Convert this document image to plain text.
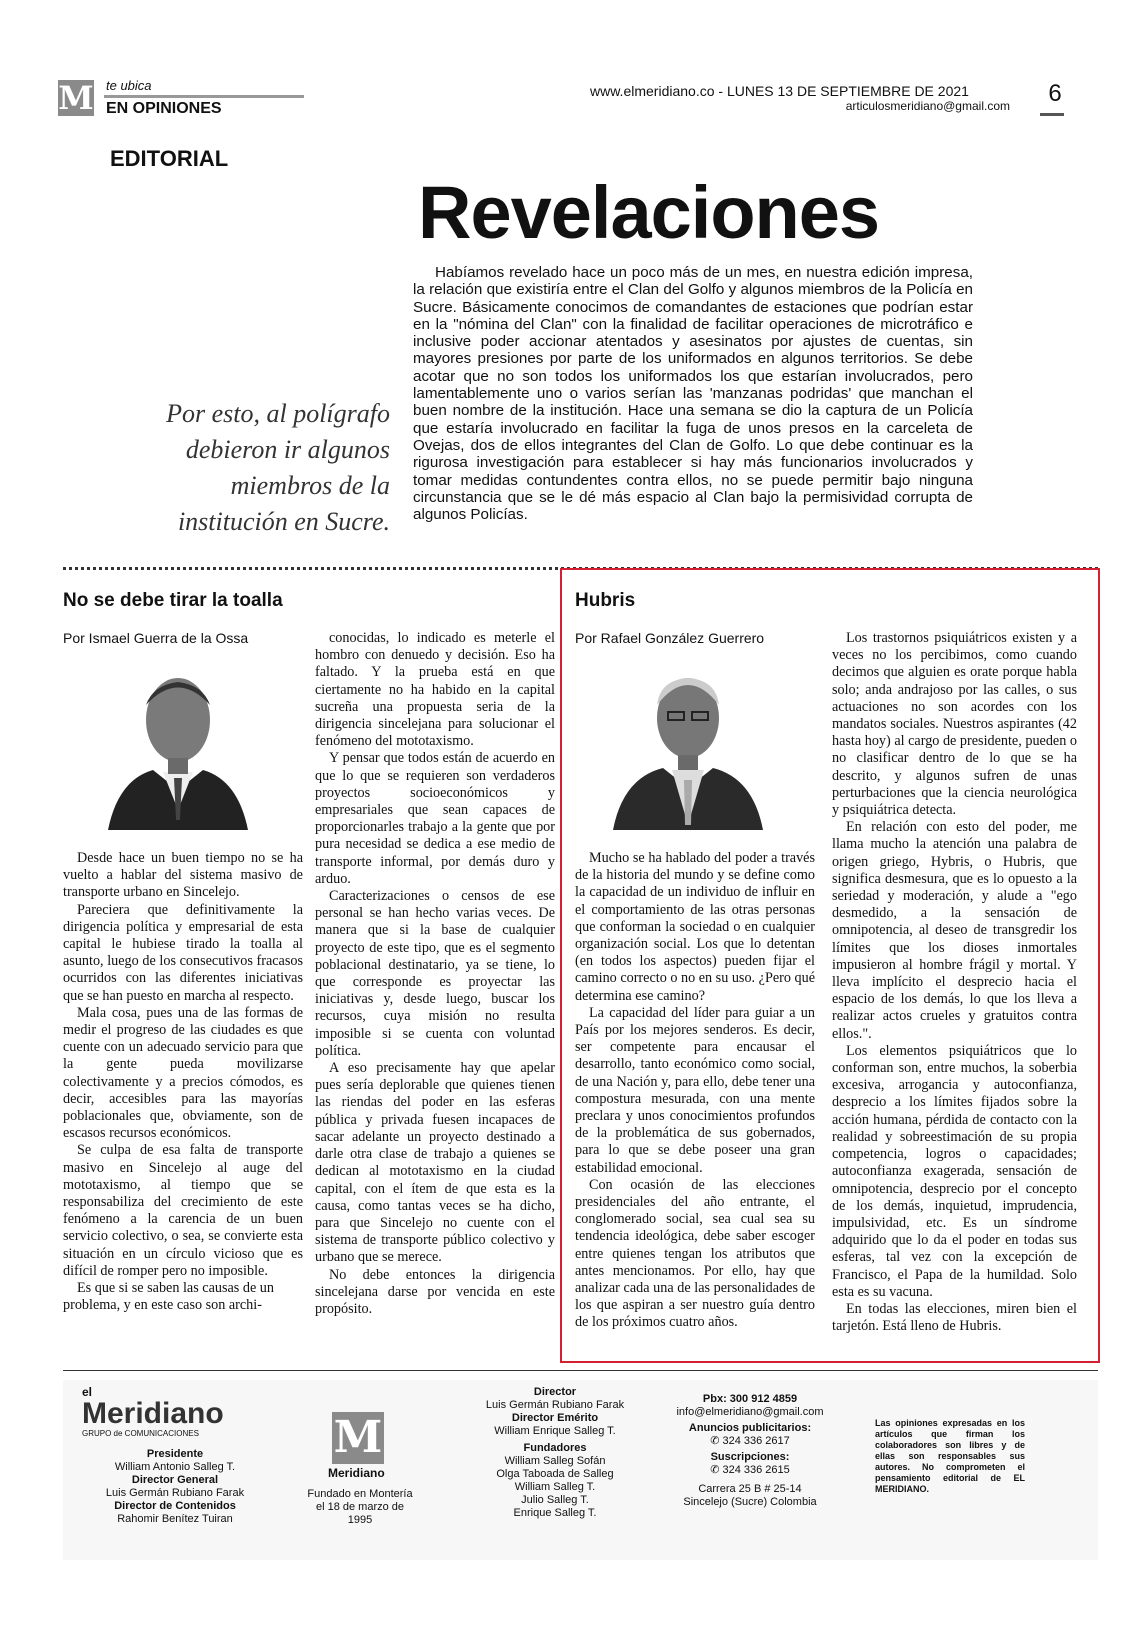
M te ubica
EN OPINIONES
www.elmeridiano.co - LUNES 13 DE SEPTIEMBRE DE 2021
articulosmeridiano@gmail.com	6
EDITORIAL
Revelaciones
Por esto, al polígrafo debieron ir algunos miembros de la institución en Sucre.
Habíamos revelado hace un poco más de un mes, en nuestra edición impresa, la relación que existiría entre el Clan del Golfo y algunos miembros de la Policía en Sucre. Básicamente conocimos de comandantes de estaciones que podrían estar en la "nómina del Clan" con la finalidad de facilitar operaciones de microtráfico e inclusive poder accionar atentados y asesinatos por ajustes de cuentas, sin mayores presiones por parte de los uniformados en algunos territorios. Se debe acotar que no son todos los uniformados los que estarían involucrados, pero lamentablemente uno o varios serían las 'manzanas podridas' que manchan el buen nombre de la institución. Hace una semana se dio la captura de un Policía que estaría involucrado en facilitar la fuga de unos presos en la carceleta de Ovejas, dos de ellos integrantes del Clan de Golfo. Lo que debe continuar es la rigurosa investigación para establecer si hay más funcionarios involucrados y tomar medidas contundentes contra ellos, no se puede permitir bajo ninguna circunstancia que se le dé más espacio al Clan bajo la permisividad corrupta de algunos Policías.
No se debe tirar la toalla
Por Ismael Guerra de la Ossa

Desde hace un buen tiempo no se ha vuelto a hablar del sistema masivo de transporte urbano en Sincelejo.

Pareciera que definitivamente la dirigencia política y empresarial de esta capital le hubiese tirado la toalla al asunto, luego de los consecutivos fracasos ocurridos con las diferentes iniciativas que se han puesto en marcha al respecto.

Mala cosa, pues una de las formas de medir el progreso de las ciudades es que cuente con un adecuado servicio para que la gente pueda movilizarse colectivamente y a precios cómodos, es decir, accesibles para las mayorías poblacionales que, obviamente, son de escasos recursos económicos.

Se culpa de esa falta de transporte masivo en Sincelejo al auge del mototaxismo, al tiempo que se responsabiliza del crecimiento de este fenómeno a la carencia de un buen servicio colectivo, o sea, se convierte esta situación en un círculo vicioso que es difícil de romper pero no imposible.

Es que si se saben las causas de un problema, y en este caso son archi-

conocidas, lo indicado es meterle el hombro con denuedo y decisión. Eso ha faltado. Y la prueba está en que ciertamente no ha habido en la capital sucreña una propuesta seria de la dirigencia sincelejana para solucionar el fenómeno del mototaxismo.

Y pensar que todos están de acuerdo en que lo que se requieren son verdaderos proyectos socioeconómicos y empresariales que sean capaces de proporcionarles trabajo a la gente que por pura necesidad se dedica a ese medio de transporte informal, por demás duro y arduo.

Caracterizaciones o censos de ese personal se han hecho varias veces. De manera que si la base de cualquier proyecto de este tipo, que es el segmento poblacional destinatario, ya se tiene, lo que corresponde es proyectar las iniciativas y, desde luego, buscar los recursos, cuya misión no resulta imposible si se cuenta con voluntad política.

A eso precisamente hay que apelar pues sería deplorable que quienes tienen las riendas del poder en las esferas pública y privada fuesen incapaces de sacar adelante un proyecto destinado a darle otra clase de trabajo a quienes se dedican al mototaxismo en la ciudad capital, con el ítem de que esta es la causa, como tantas veces se ha dicho, para que Sincelejo no cuente con el sistema de transporte público colectivo y urbano que se merece.

No debe entonces la dirigencia sincelejana darse por vencida en este propósito.

Hubris
Por Rafael González Guerrero

Mucho se ha hablado del poder a través de la historia del mundo y se define como la capacidad de un individuo de influir en el comportamiento de las otras personas que conforman la sociedad o en cualquier organización social. Los que lo detentan (en todos los aspectos) pueden fijar el camino correcto o no en su uso. ¿Pero qué determina ese camino?

La capacidad del líder para guiar a un País por los mejores senderos. Es decir, ser competente para encausar el desarrollo, tanto económico como social, de una Nación y, para ello, debe tener una compostura mesurada, con una mente preclara y unos conocimientos profundos de la problemática de sus gobernados, para lo que se debe poseer una gran estabilidad emocional.

Con ocasión de las elecciones presidenciales del año entrante, el conglomerado social, sea cual sea su tendencia ideológica, debe saber escoger entre quienes tengan los atributos que antes mencionamos. Por ello, hay que analizar cada una de las personalidades de los que aspiran a ser nuestro guía dentro de los próximos cuatro años.

Los trastornos psiquiátricos existen y a veces no los percibimos, como cuando decimos que alguien es orate porque habla solo; anda andrajoso por las calles, o sus actuaciones no son acordes con los mandatos sociales. Nuestros aspirantes (42 hasta hoy) al cargo de presidente, pueden o no clasificar dentro de lo que se ha descrito, y algunos sufren de unas perturbaciones que la ciencia neurológica y psiquiátrica detecta.

En relación con esto del poder, me llama mucho la atención una palabra de origen griego, Hybris, o Hubris, que significa desmesura, que es lo opuesto a la seriedad y moderación, y alude a "ego desmedido, a la sensación de omnipotencia, al deseo de transgredir los límites que los dioses inmortales impusieron al hombre frágil y mortal. Y lleva implícito el desprecio hacia el espacio de los demás, lo que los lleva a realizar actos crueles y gratuitos contra ellos.".

Los elementos psiquiátricos que lo conforman son, entre muchos, la soberbia excesiva, arrogancia y autoconfianza, desprecio a los límites fijados sobre la acción humana, pérdida de contacto con la realidad y sobreestimación de su propia competencia, logros o capacidades; autoconfianza exagerada, sensación de omnipotencia, desprecio por el concepto de los demás, inquietud, imprudencia, impulsividad, etc. Es un síndrome adquirido que lo da el poder en todas sus esferas, tal vez con la excepción de Francisco, el Papa de la humildad. Solo esta es su vacuna.

En todas las elecciones, miren bien el tarjetón. Está lleno de Hubris.

el
Meridiano
GRUPO de COMUNICACIONES
Presidente
William Antonio Salleg T.
Director General
Luis Germán Rubiano Farak
Director de Contenidos
Rahomir Benítez Tuiran
M
Meridiano
Fundado en Montería el 18 de marzo de 1995
Director
Luis Germán Rubiano Farak
Director Emérito
William Enrique Salleg T.
Fundadores
William Salleg Sofán
Olga Taboada de Salleg
William Salleg T.
Julio Salleg T.
Enrique Salleg T.
Pbx: 300 912 4859
info@elmeridiano@gmail.com
Anuncios publicitarios:
✆ 324 336 2617
Suscripciones:
✆ 324 336 2615
Carrera 25 B # 25-14
Sincelejo (Sucre) Colombia
Las opiniones expresadas en los artículos que firman los colaboradores son libres y de ellas son responsables sus autores. No comprometen el pensamiento editorial de EL MERIDIANO.
